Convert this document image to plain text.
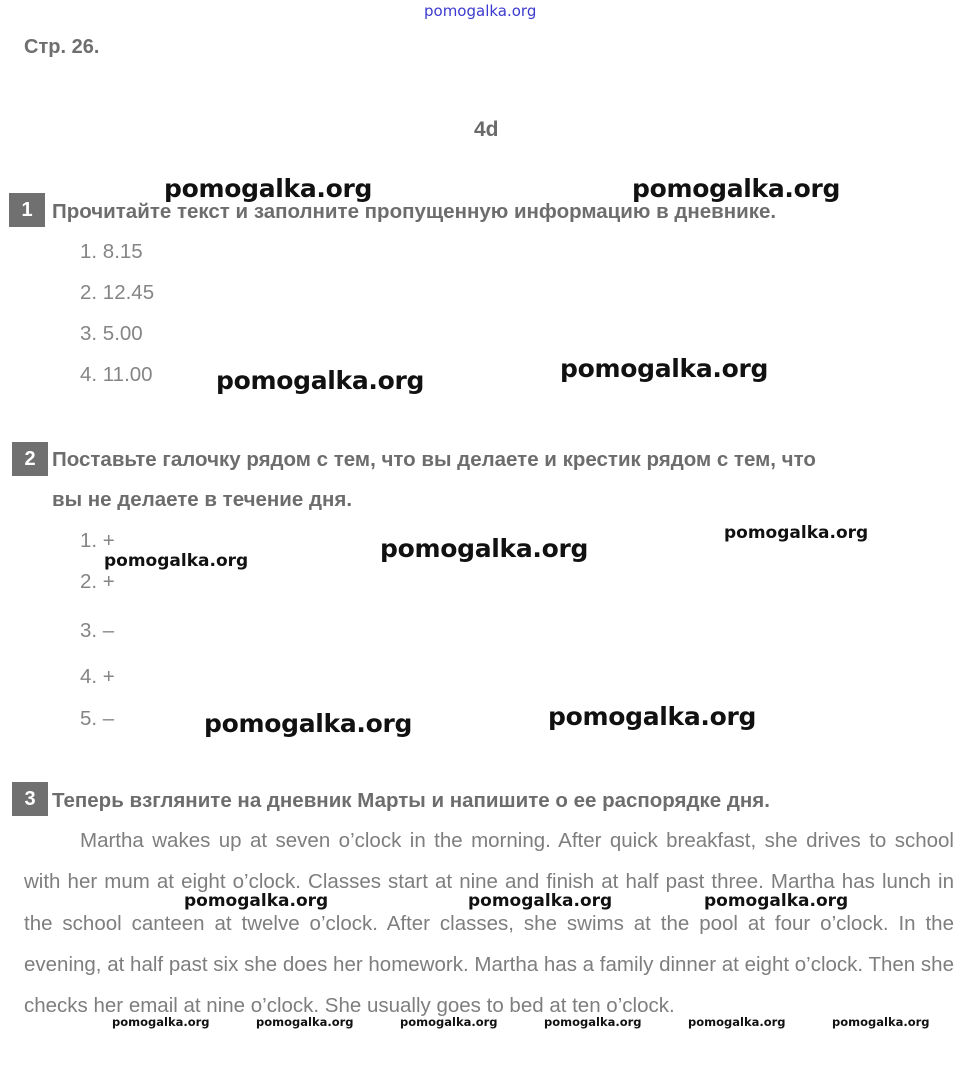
pomogalka.org
Стр. 26.
4d
1 Прочитайте текст и заполните пропущенную информацию в дневнике.
1. 8.15
2. 12.45
3. 5.00
4. 11.00
2 Поставьте галочку рядом с тем, что вы делаете и крестик рядом с тем, что
вы не делаете в течение дня.
1. +
2. +
3. –
4. +
5. –
3 Теперь взгляните на дневник Марты и напишите о ее распорядке дня.
Martha wakes up at seven o’clock in the morning. After quick breakfast, she drives to school with her mum at eight o’clock. Classes start at nine and finish at half past three. Martha has lunch in the school canteen at twelve o’clock. After classes, she swims at the pool at four o’clock. In the evening, at half past six she does her homework. Martha has a family dinner at eight o’clock. Then she checks her email at nine o’clock. She usually goes to bed at ten o’clock.
pomogalka.org	pomogalka.org
pomogalka.org	pomogalka.org
pomogalka.org
pomogalka.org
pomogalka.org
pomogalka.org	pomogalka.org
pomogalka.org	pomogalka.org	pomogalka.org
pomogalka.org	pomogalka.org	pomogalka.org	pomogalka.org	pomogalka.org	pomogalka.org
